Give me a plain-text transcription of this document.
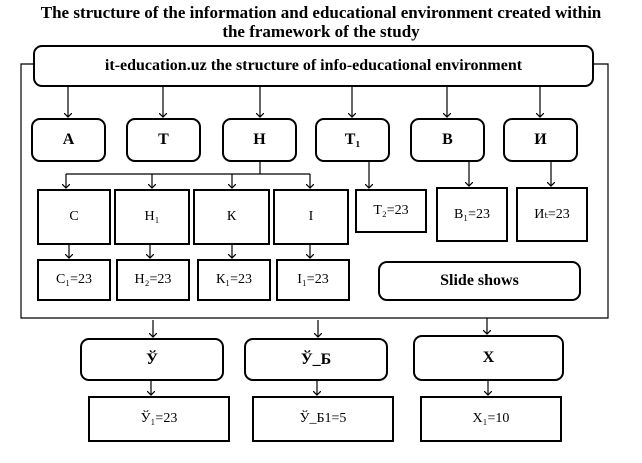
The structure of the information and educational environment created within
the framework of the study
it-education.uz the structure of info-educational environment
А	Т	Н	Т₁	В	И
С	Н₁	К	I	Т₂=23	В₁=23	Иₜ=23
С₁=23	Н₂=23	К₁=23	I₁=23	Slide shows
Ў	Ў_Б	Х
Ў₁=23	Ў_Б1=5	Х₁=10
